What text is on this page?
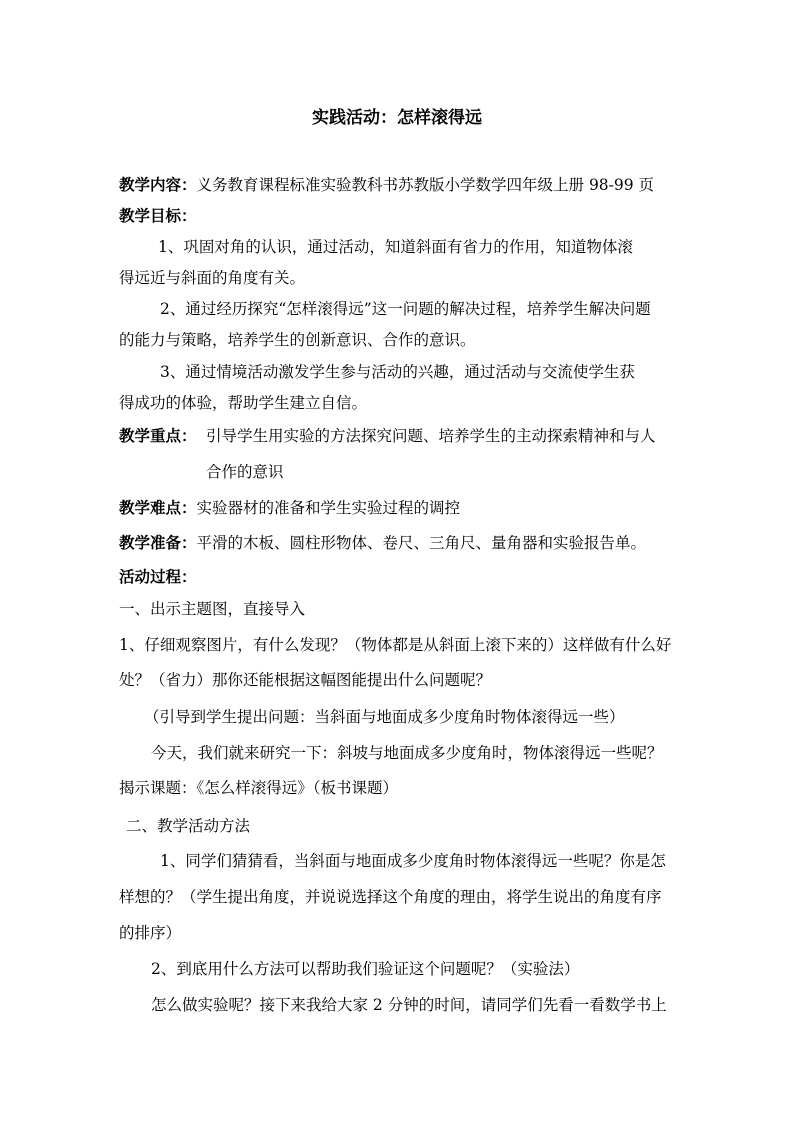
实践活动：怎样滚得远
教学内容：义务教育课程标准实验教科书苏教版小学数学四年级上册 98-99 页
教学目标：
1、巩固对角的认识，通过活动，知道斜面有省力的作用，知道物体滚
得远近与斜面的角度有关。
2、通过经历探究“怎样滚得远”这一问题的解决过程，培养学生解决问题
的能力与策略，培养学生的创新意识、合作的意识。
3、通过情境活动激发学生参与活动的兴趣，通过活动与交流使学生获
得成功的体验，帮助学生建立自信。
教学重点： 引导学生用实验的方法探究问题、培养学生的主动探索精神和与人
合作的意识
教学难点：实验器材的准备和学生实验过程的调控
教学准备：平滑的木板、圆柱形物体、卷尺、三角尺、量角器和实验报告单。
活动过程：
一、出示主题图，直接导入
1、仔细观察图片，有什么发现？（物体都是从斜面上滚下来的）这样做有什么好
处？（省力）那你还能根据这幅图能提出什么问题呢？
（引导到学生提出问题：当斜面与地面成多少度角时物体滚得远一些）
今天，我们就来研究一下：斜坡与地面成多少度角时，物体滚得远一些呢？
揭示课题：《怎么样滚得远》（板书课题）
二、教学活动方法
1、同学们猜猜看，当斜面与地面成多少度角时物体滚得远一些呢？你是怎
样想的？（学生提出角度，并说说选择这个角度的理由，将学生说出的角度有序
的排序）
2、到底用什么方法可以帮助我们验证这个问题呢？（实验法）
怎么做实验呢？接下来我给大家 2 分钟的时间，请同学们先看一看数学书上
